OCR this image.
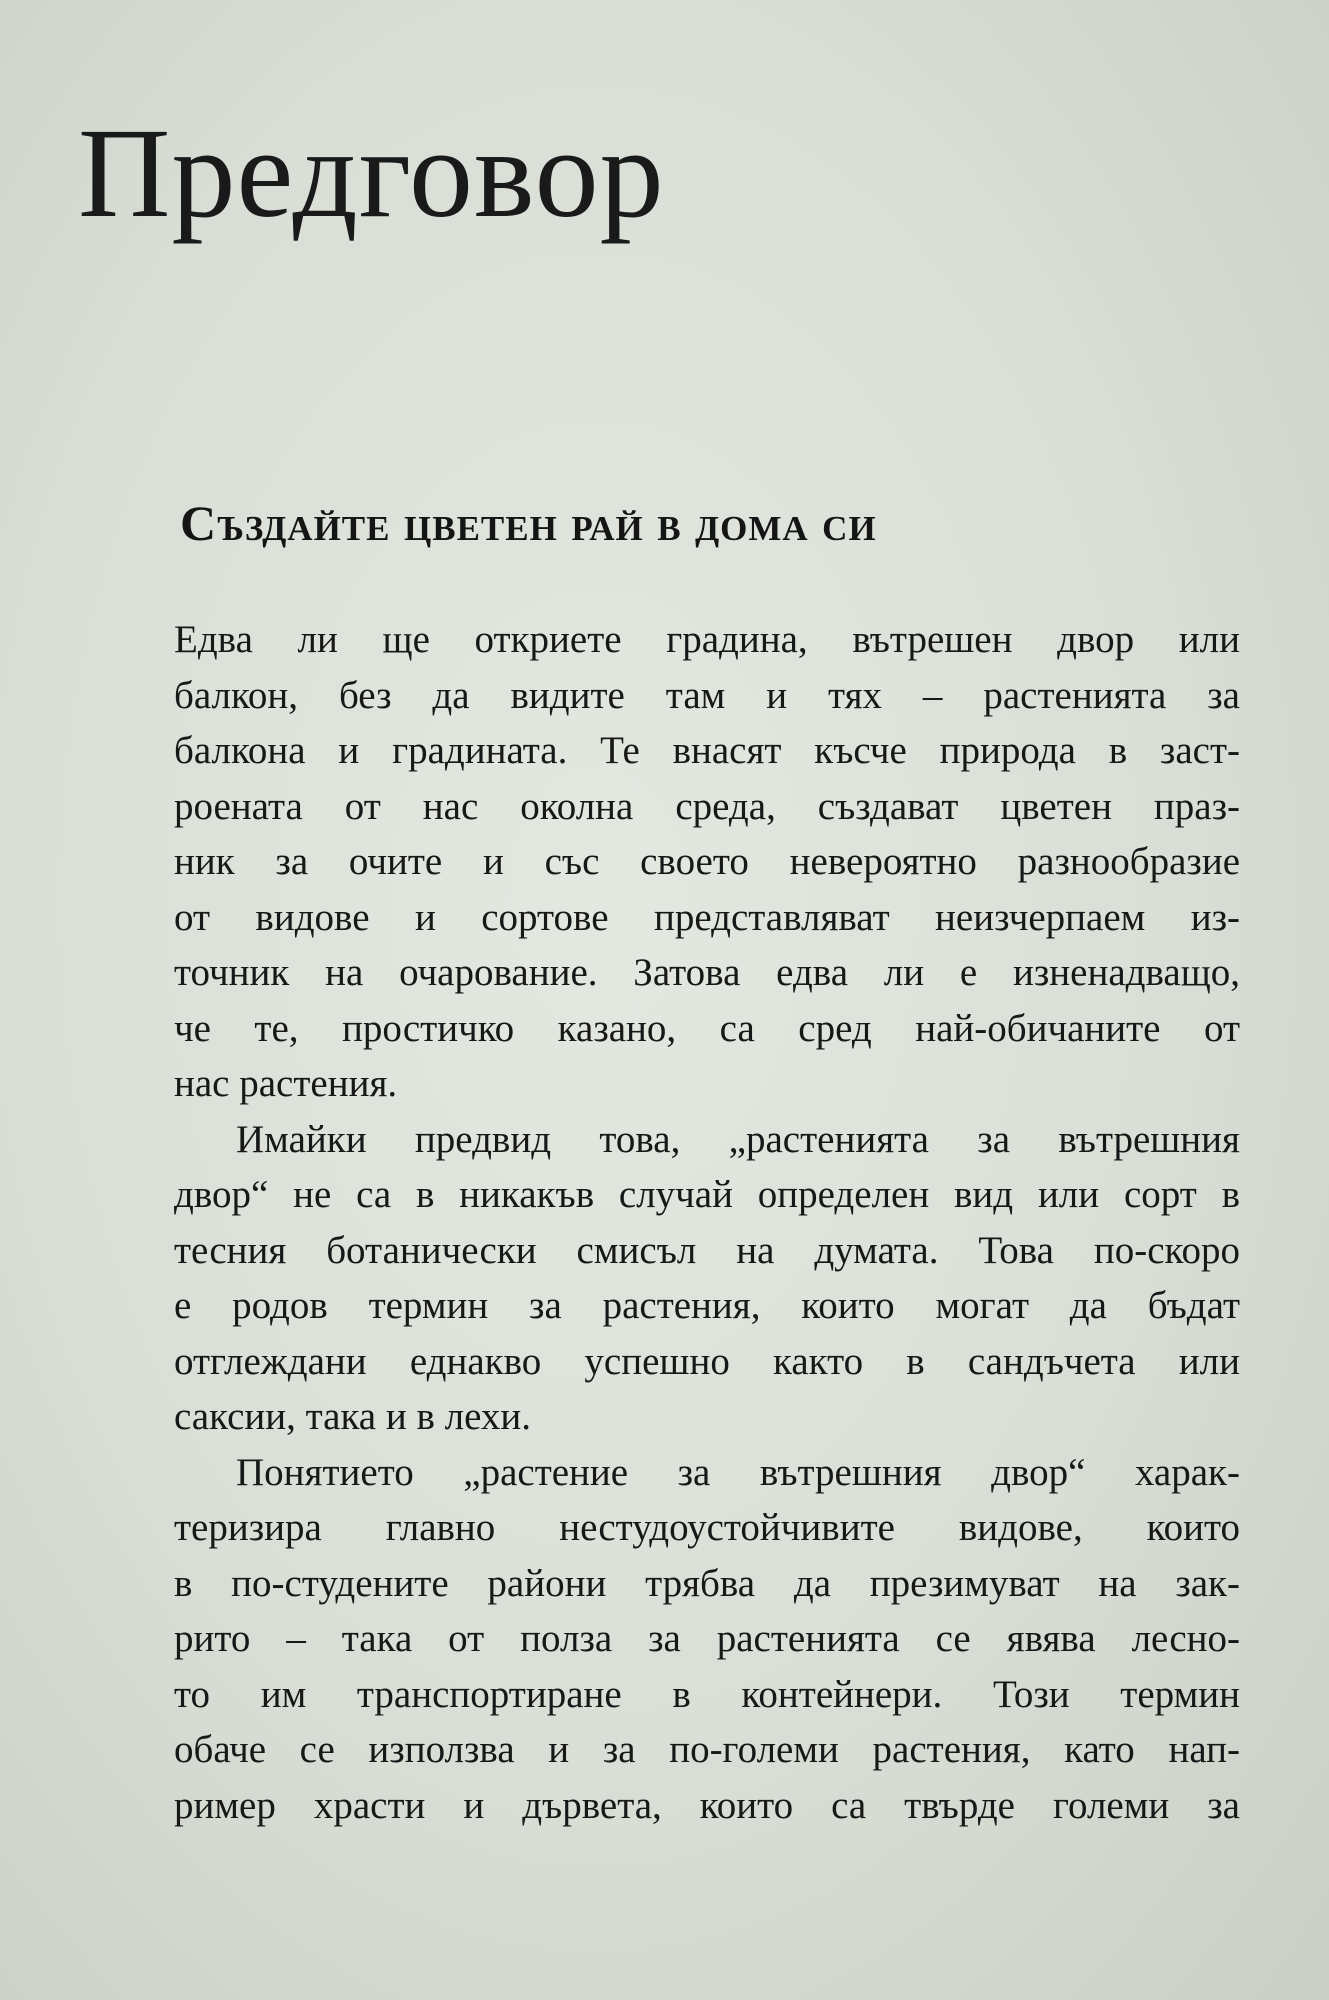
Предговор
Създайте цветен рай в дома си
Едва ли ще откриете градина, вътрешен двор или
балкон, без да видите там и тях – растенията за
балкона и градината. Те внасят късче природа в заст-
роената от нас околна среда, създават цветен праз-
ник за очите и със своето невероятно разнообразие
от видове и сортове представляват неизчерпаем из-
точник на очарование. Затова едва ли е изненадващо,
че те, простичко казано, са сред най-обичаните от
нас растения.
Имайки предвид това, „растенията за вътрешния
двор“ не са в никакъв случай определен вид или сорт в
тесния ботанически смисъл на думата. Това по-скоро
е родов термин за растения, които могат да бъдат
отглеждани еднакво успешно както в сандъчета или
саксии, така и в лехи.
Понятието „растение за вътрешния двор“ харак-
теризира главно нестудоустойчивите видове, които
в по-студените райони трябва да презимуват на зак-
рито – така от полза за растенията се явява лесно-
то им транспортиране в контейнери. Този термин
обаче се използва и за по-големи растения, като нап-
ример храсти и дървета, които са твърде големи за
